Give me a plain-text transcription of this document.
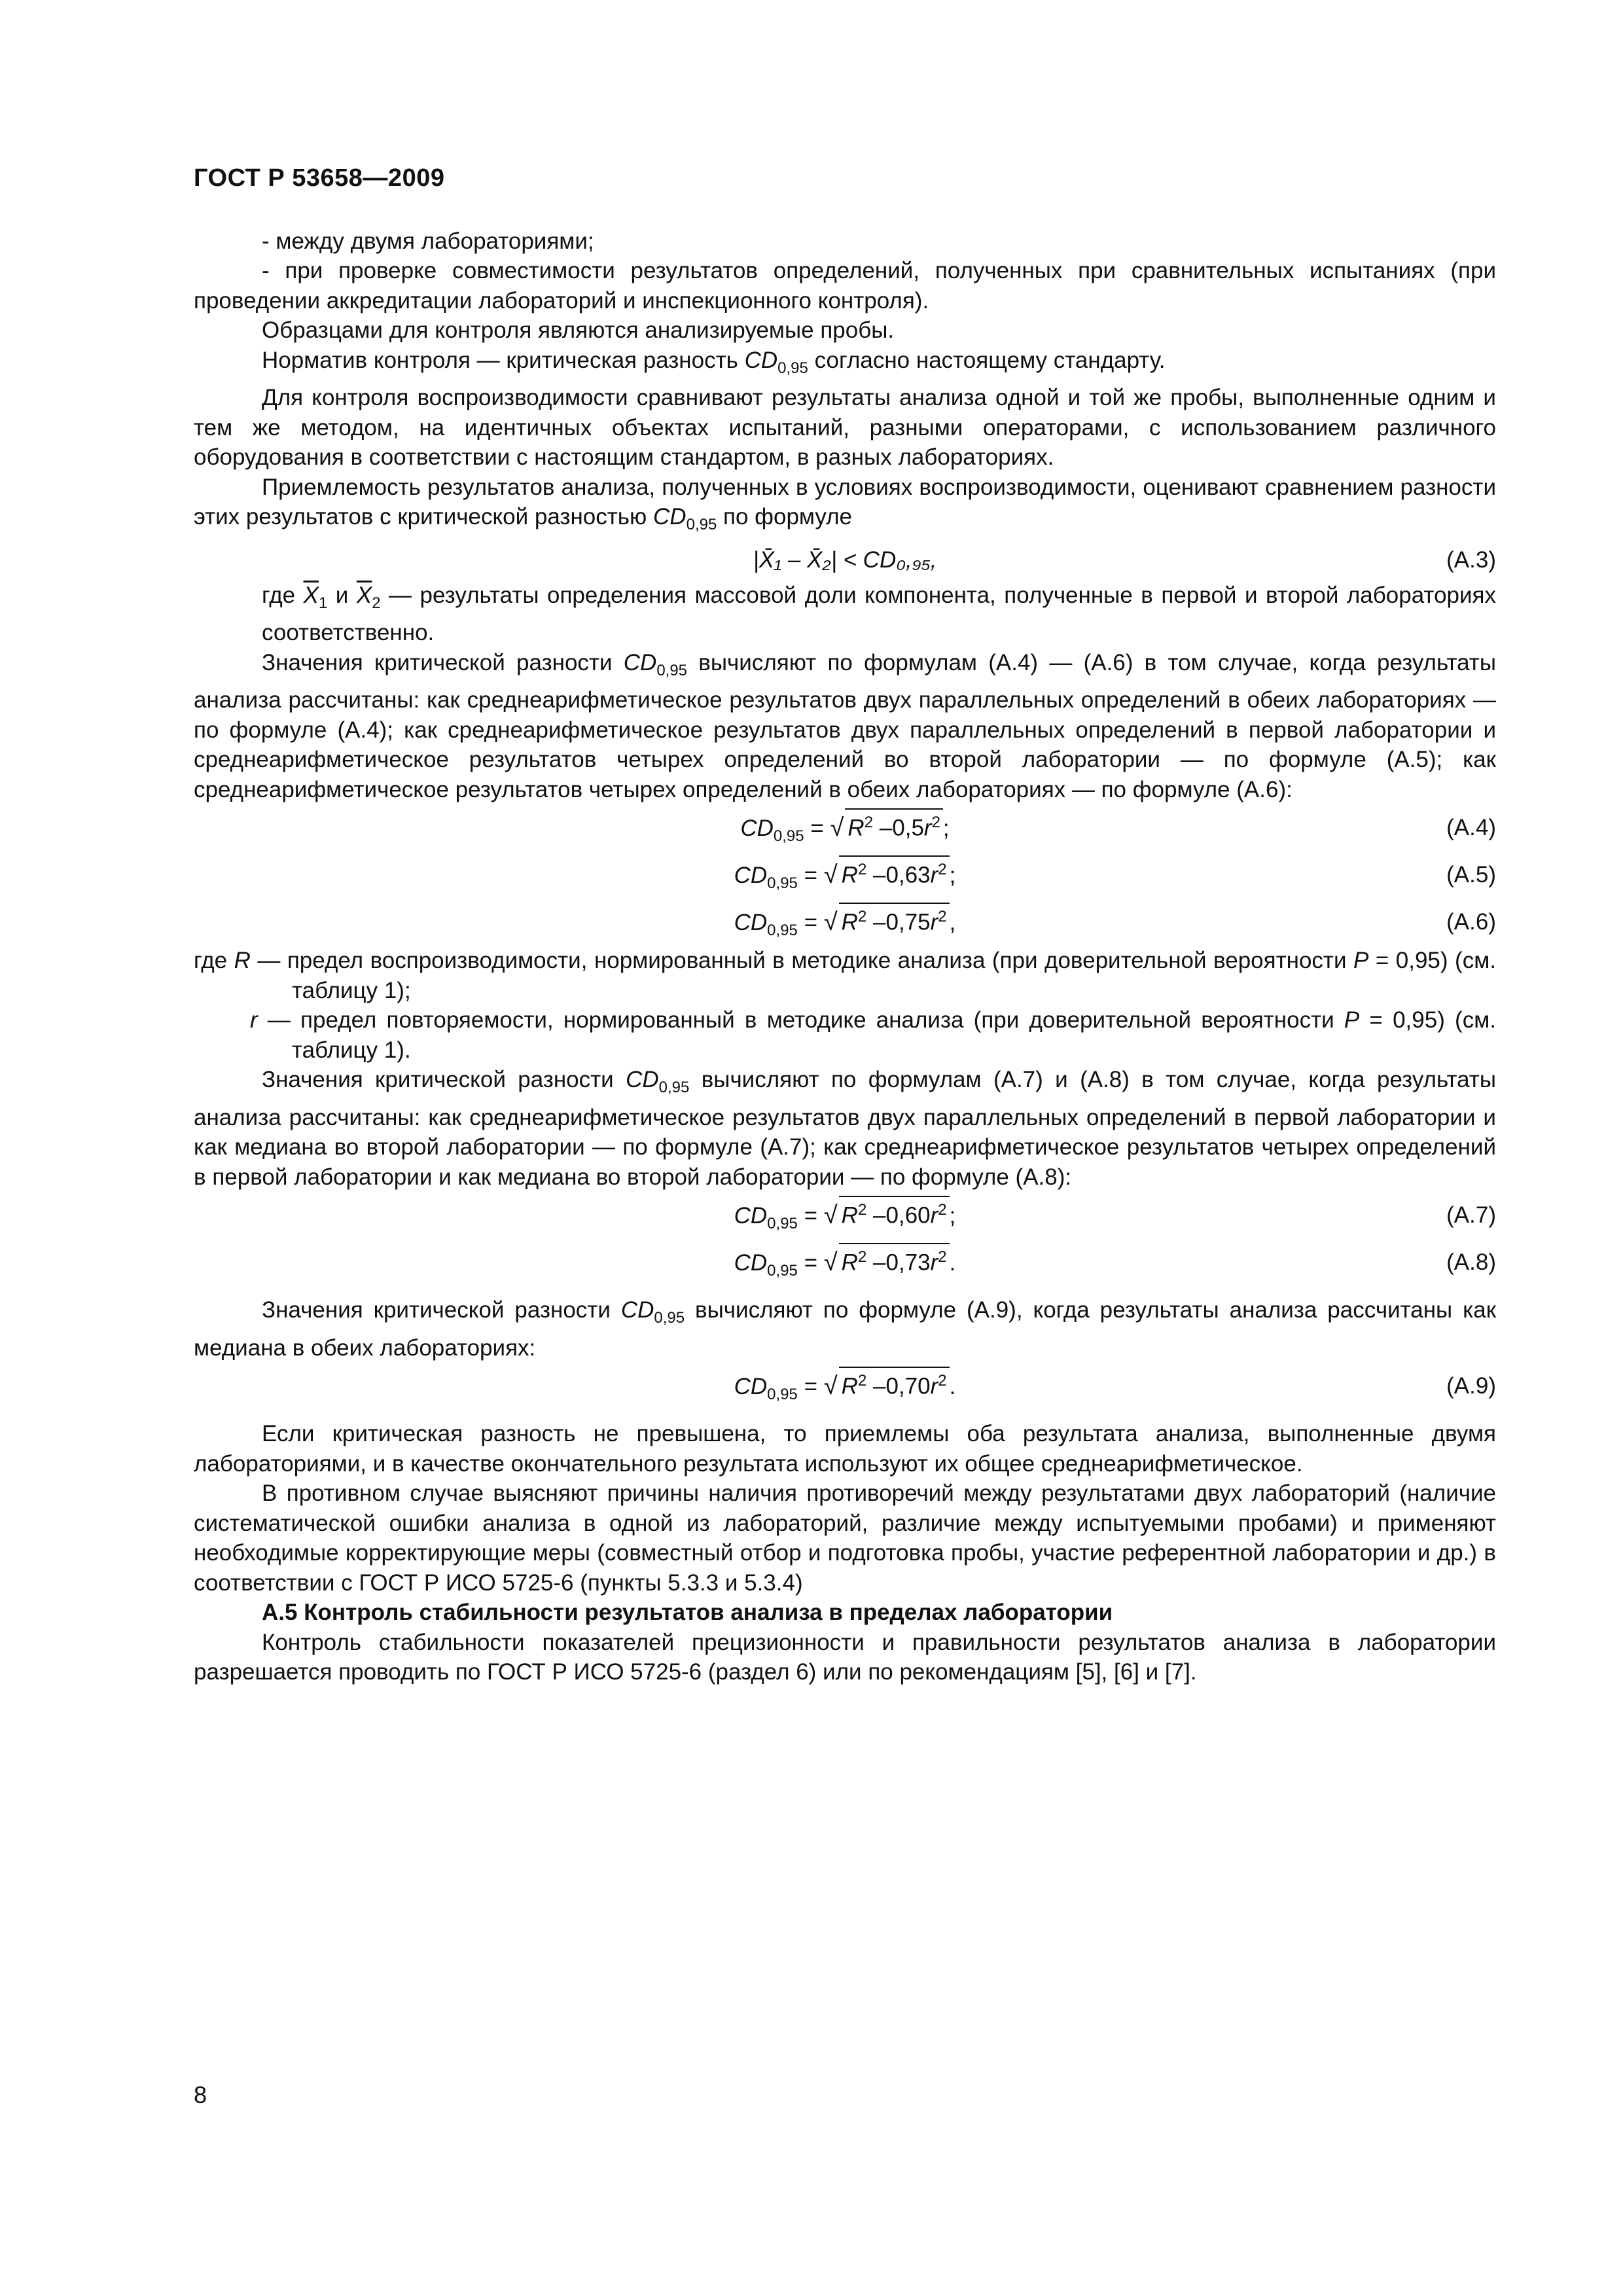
ГОСТ Р 53658—2009

- между двумя лабораториями;

- при проверке совместимости результатов определений, полученных при сравнительных испытаниях (при проведении аккредитации лабораторий и инспекционного контроля).

Образцами для контроля являются анализируемые пробы.

Норматив контроля — критическая разность $CD_{0,95}$ согласно настоящему стандарту.

Для контроля воспроизводимости сравнивают результаты анализа одной и той же пробы, выполненные одним и тем же методом, на идентичных объектах испытаний, разными операторами, с использованием различного оборудования в соответствии с настоящим стандартом, в разных лабораториях.

Приемлемость результатов анализа, полученных в условиях воспроизводимости, оценивают сравнением разности этих результатов с критической разностью $CD_{0,95}$ по формуле

|X̄₁ – X̄₂| < CD₀,₉₅,	(А.3)

где $\overline{X}_1$ и $\overline{X}_2$ — результаты определения массовой доли компонента, полученные в первой и второй лабораториях соответственно.

Значения критической разности $CD_{0,95}$ вычисляют по формулам (А.4) — (А.6) в том случае, когда результаты анализа рассчитаны: как среднеарифметическое результатов двух параллельных определений в обеих лабораториях — по формуле (А.4); как среднеарифметическое результатов двух параллельных определений в первой лаборатории и среднеарифметическое результатов четырех определений во второй лаборатории — по формуле (А.5); как среднеарифметическое результатов четырех определений в обеих лабораториях — по формуле (А.6):

$CD_{0,95}$ = √ $R^2$ $-0,5r^2$ ;	(А.4)
$CD_{0,95}$ = √ $R^2$ $-0,63r^2$ ;	(А.5)
$CD_{0,95}$ = √ $R^2$ $-0,75r^2$ ,	(А.6)

где R — предел воспроизводимости, нормированный в методике анализа (при доверительной вероятности P = 0,95) (см. таблицу 1);

r — предел повторяемости, нормированный в методике анализа (при доверительной вероятности P = 0,95) (см. таблицу 1).

Значения критической разности $CD_{0,95}$ вычисляют по формулам (А.7) и (А.8) в том случае, когда результаты анализа рассчитаны: как среднеарифметическое результатов двух параллельных определений в первой лаборатории и как медиана во второй лаборатории — по формуле (А.7); как среднеарифметическое результатов четырех определений в первой лаборатории и как медиана во второй лаборатории — по формуле (А.8):

$CD_{0,95}$ = √ $R^2$ $-0,60r^2$ ;	(А.7)
$CD_{0,95}$ = √ $R^2$ $-0,73r^2$ .	(А.8)

Значения критической разности $CD_{0,95}$ вычисляют по формуле (А.9), когда результаты анализа рассчитаны как медиана в обеих лабораториях:

$CD_{0,95}$ = √ $R^2$ $-0,70r^2$ .	(А.9)

Если критическая разность не превышена, то приемлемы оба результата анализа, выполненные двумя лабораториями, и в качестве окончательного результата используют их общее среднеарифметическое.

В противном случае выясняют причины наличия противоречий между результатами двух лабораторий (наличие систематической ошибки анализа в одной из лабораторий, различие между испытуемыми пробами) и применяют необходимые корректирующие меры (совместный отбор и подготовка пробы, участие референтной лаборатории и др.) в соответствии с ГОСТ Р ИСО 5725-6 (пункты 5.3.3 и 5.3.4)

А.5 Контроль стабильности результатов анализа в пределах лаборатории

Контроль стабильности показателей прецизионности и правильности результатов анализа в лаборатории разрешается проводить по ГОСТ Р ИСО 5725-6 (раздел 6) или по рекомендациям [5], [6] и [7].

8
